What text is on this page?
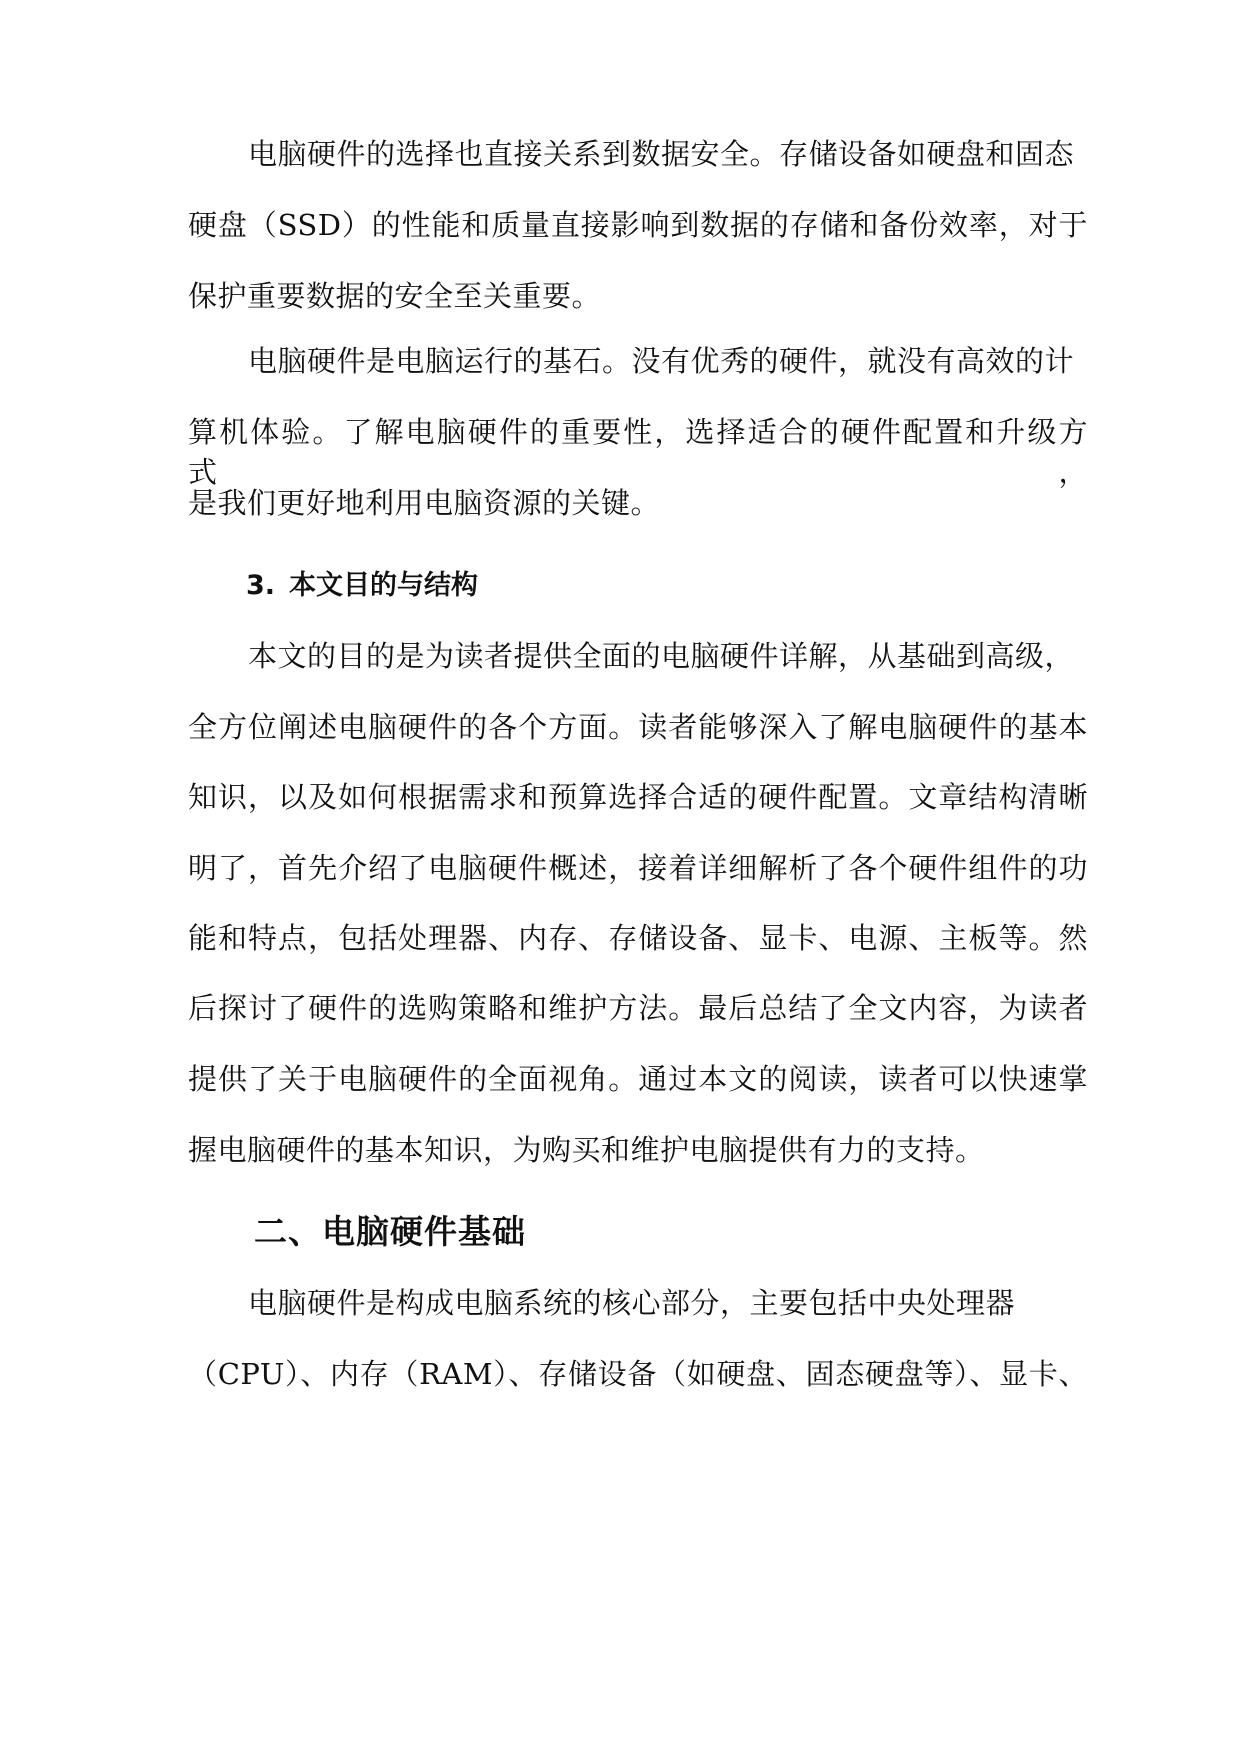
电脑硬件的选择也直接关系到数据安全。存储设备如硬盘和固态
硬盘（SSD）的性能和质量直接影响到数据的存储和备份效率，对于
保护重要数据的安全至关重要。
电脑硬件是电脑运行的基石。没有优秀的硬件，就没有高效的计
算机体验。了解电脑硬件的重要性，选择适合的硬件配置和升级方式，
是我们更好地利用电脑资源的关键。
3. 本文目的与结构
本文的目的是为读者提供全面的电脑硬件详解，从基础到高级，
全方位阐述电脑硬件的各个方面。读者能够深入了解电脑硬件的基本
知识，以及如何根据需求和预算选择合适的硬件配置。文章结构清晰
明了，首先介绍了电脑硬件概述，接着详细解析了各个硬件组件的功
能和特点，包括处理器、内存、存储设备、显卡、电源、主板等。然
后探讨了硬件的选购策略和维护方法。最后总结了全文内容，为读者
提供了关于电脑硬件的全面视角。通过本文的阅读，读者可以快速掌
握电脑硬件的基本知识，为购买和维护电脑提供有力的支持。
二、电脑硬件基础
电脑硬件是构成电脑系统的核心部分，主要包括中央处理器
（CPU）、内存（RAM）、存储设备（如硬盘、固态硬盘等）、显卡、
